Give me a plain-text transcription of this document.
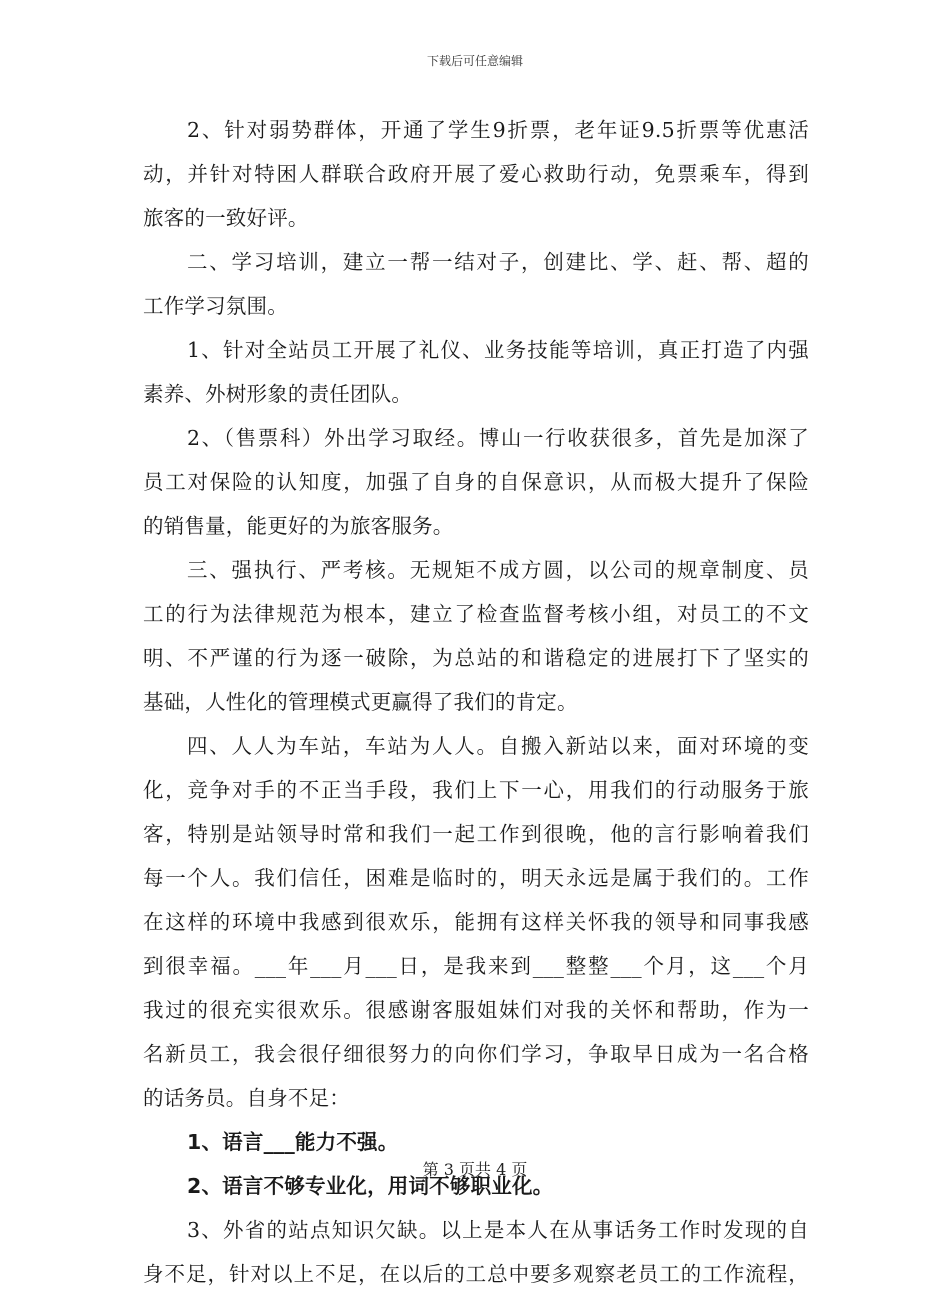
下载后可任意编辑
2、针对弱势群体，开通了学生9折票，老年证9.5折票等优惠活
动，并针对特困人群联合政府开展了爱心救助行动，免票乘车，得到
旅客的一致好评。
二、学习培训，建立一帮一结对子，创建比、学、赶、帮、超的
工作学习氛围。
1、针对全站员工开展了礼仪、业务技能等培训，真正打造了内强
素养、外树形象的责任团队。
2、（售票科）外出学习取经。博山一行收获很多，首先是加深了
员工对保险的认知度，加强了自身的自保意识，从而极大提升了保险
的销售量，能更好的为旅客服务。
三、强执行、严考核。无规矩不成方圆，以公司的规章制度、员
工的行为法律规范为根本，建立了检查监督考核小组，对员工的不文
明、不严谨的行为逐一破除，为总站的和谐稳定的进展打下了坚实的
基础，人性化的管理模式更赢得了我们的肯定。
四、人人为车站，车站为人人。自搬入新站以来，面对环境的变
化，竞争对手的不正当手段，我们上下一心，用我们的行动服务于旅
客，特别是站领导时常和我们一起工作到很晚，他的言行影响着我们
每一个人。我们信任，困难是临时的，明天永远是属于我们的。工作
在这样的环境中我感到很欢乐，能拥有这样关怀我的领导和同事我感
到很幸福。___年___月___日，是我来到___整整___个月，这___个月
我过的很充实很欢乐。很感谢客服姐妹们对我的关怀和帮助，作为一
名新员工，我会很仔细很努力的向你们学习，争取早日成为一名合格
的话务员。自身不足：
1、语言___能力不强。
2、语言不够专业化，用词不够职业化。
3、外省的站点知识欠缺。以上是本人在从事话务工作时发现的自
身不足，针对以上不足，在以后的工总中要多观察老员工的工作流程，
第 3 页共 4 页
